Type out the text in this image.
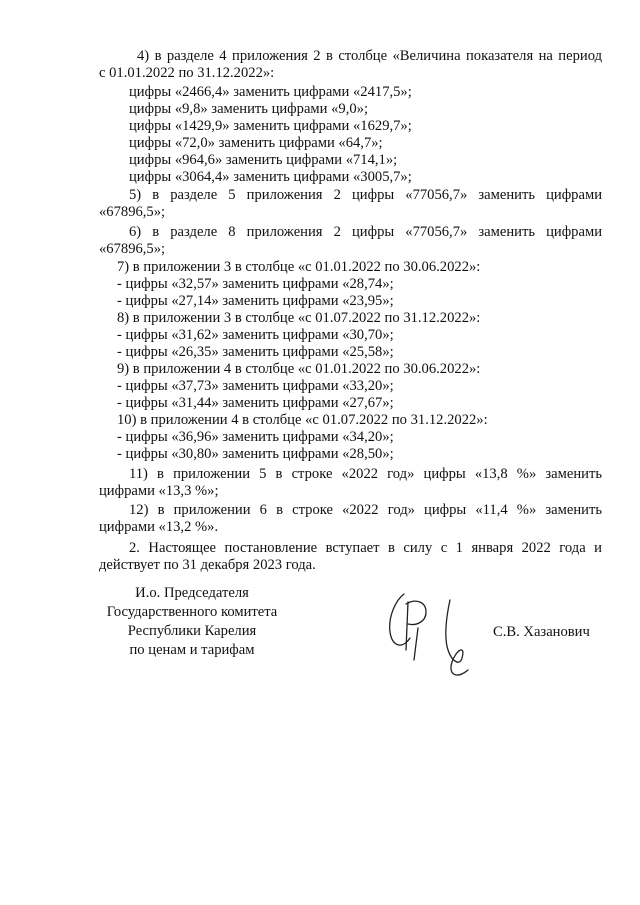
4) в разделе 4 приложения 2 в столбце «Величина показателя на период
с 01.01.2022 по 31.12.2022»:
цифры «2466,4» заменить цифрами «2417,5»;
цифры «9,8» заменить цифрами «9,0»;
цифры «1429,9» заменить цифрами «1629,7»;
цифры «72,0» заменить цифрами «64,7»;
цифры «964,6» заменить цифрами «714,1»;
цифры «3064,4» заменить цифрами «3005,7»;
5) в разделе 5 приложения 2 цифры «77056,7» заменить цифрами
«67896,5»;
6) в разделе 8 приложения 2 цифры «77056,7» заменить цифрами
«67896,5»;
7) в приложении 3 в столбце «с 01.01.2022 по 30.06.2022»:
- цифры «32,57» заменить цифрами «28,74»;
- цифры «27,14» заменить цифрами «23,95»;
8) в приложении 3 в столбце «с 01.07.2022 по 31.12.2022»:
- цифры «31,62» заменить цифрами «30,70»;
- цифры «26,35» заменить цифрами «25,58»;
9) в приложении 4 в столбце «с 01.01.2022 по 30.06.2022»:
- цифры «37,73» заменить цифрами «33,20»;
- цифры «31,44» заменить цифрами «27,67»;
10) в приложении 4 в столбце «с 01.07.2022 по 31.12.2022»:
- цифры «36,96» заменить цифрами «34,20»;
- цифры «30,80» заменить цифрами «28,50»;
11) в приложении 5 в строке «2022 год» цифры «13,8 %» заменить
цифрами «13,3 %»;
12) в приложении 6 в строке «2022 год» цифры «11,4 %» заменить
цифрами «13,2 %».
2. Настоящее постановление вступает в силу с 1 января 2022 года и
действует по 31 декабря 2023 года.
И.о. Председателя
Государственного комитета
Республики Карелия
по ценам и тарифам
С.В. Хазанович
